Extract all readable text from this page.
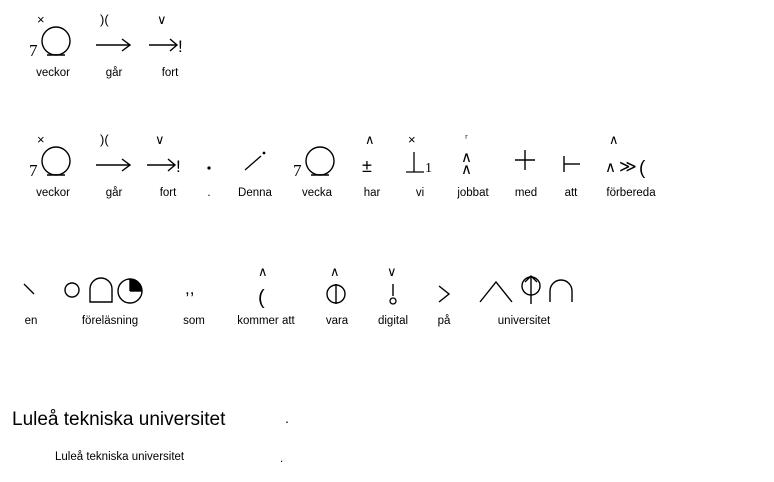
×
7
veckor
)(
går
∨
!
fort
×
7
veckor
)(
går
∨
!
fort	. Denna
7
vecka
∧
±
har
×
1
vi
ʳ
∧
∧
jobbat med att
∧
∧ ≫ (
förbereda
en	föreläsning
,,
som
∧
(
kommer att
∧
vara
∨
digital	på	universitet
Luleå tekniska universitet	.
Luleå tekniska universitet	.
